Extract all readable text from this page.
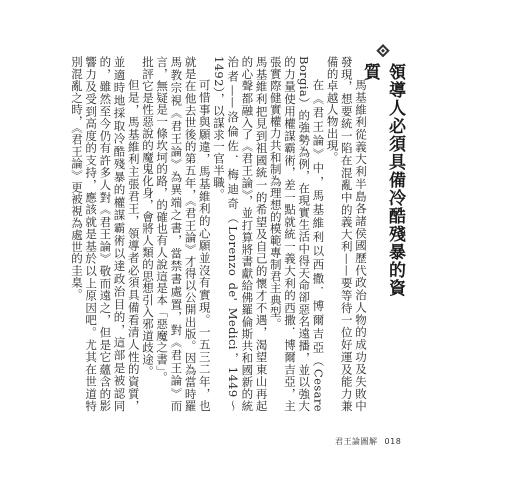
領導人必須具備冷酷殘暴的資質

馬基維利從義大利半島各諸侯國歷代政治人物的成功及失敗中發現，想要統一陷在混亂中的義大利——要等待一位好運及能力兼備的卓越人物出現。

在《君王論》中，馬基維利以西撒．博爾吉亞（Cesare Borgia）的強勢為例，在現實生活中得天命卻惡名遠播，並以強大的力量使用權謀霸術，差一點就統一義大利的西撒．博爾吉亞，主張實際健實權力共和制為理想的模範專制君主典型。

馬基維利把見到祖國統一的希望及自己的懷才不遇，渴望東山再起的心聲都融入了《君王論》，並打算將書獻給佛羅倫斯共和國新的統治者——洛倫佐．梅迪奇（Lorenzo de' Medici，1449～1492），以謀求一官半職。

可惜事與願違，馬基維利的心願並沒有實現。一五三二年，也就是在他去世後的第五年，《君王論》才得以公開出版。因為當時羅馬教宗視《君王論》為異端之書，當禁書處置，對《君王論》而言，無疑是一條坎坷的路，的確也有人說這是本「惡魔之書」。

批評它是性惡說的魔鬼化身，會將人類的思想引入邪道歧途。

但是，馬基維利主張君王，領導者必須具備看清人性的資質，並適時地採取冷酷殘暴的權謀霸術以達政治目的，這部是被認同的，雖然至今仍有許多人對《君王論》敬而遠之，但是它蘊含的影響力及受到高度的支持，應該就是基於以上原因吧。尤其在世道特別混亂之時，《君王論》更被視為處世的圭臬。

君王論圖解 018
